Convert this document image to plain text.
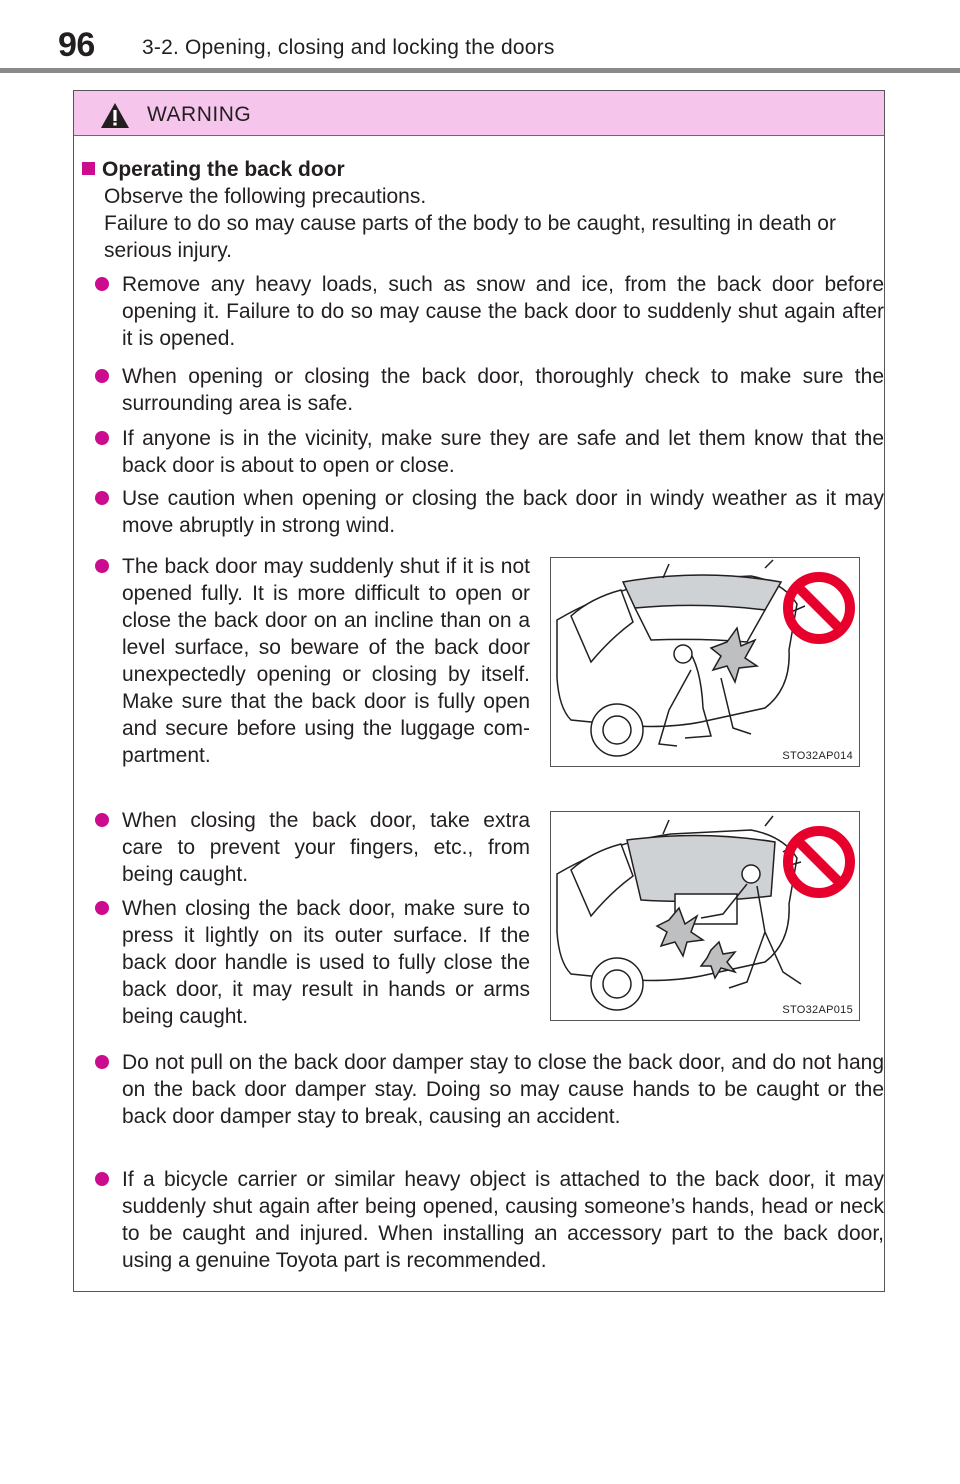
96 3-2. Opening, closing and locking the doors
WARNING
Operating the back door
Observe the following precautions.
Failure to do so may cause parts of the body to be caught, resulting in death or serious injury.
Remove any heavy loads, such as snow and ice, from the back door before opening it. Failure to do so may cause the back door to suddenly shut again after it is opened.
When opening or closing the back door, thoroughly check to make sure the surrounding area is safe.
If anyone is in the vicinity, make sure they are safe and let them know that the back door is about to open or close.
Use caution when opening or closing the back door in windy weather as it may move abruptly in strong wind.
The back door may suddenly shut if it is not opened fully. It is more difficult to open or close the back door on an incline than on a level surface, so beware of the back door unexpectedly opening or closing by itself. Make sure that the back door is fully open and secure before using the luggage com-partment.	STO32AP014
When closing the back door, take extra care to prevent your fingers, etc., from being caught.
When closing the back door, make sure to press it lightly on its outer surface. If the back door handle is used to fully close the back door, it may result in hands or arms being caught.	STO32AP015
Do not pull on the back door damper stay to close the back door, and do not hang on the back door damper stay. Doing so may cause hands to be caught or the back door damper stay to break, causing an accident.
If a bicycle carrier or similar heavy object is attached to the back door, it may suddenly shut again after being opened, causing someone’s hands, head or neck to be caught and injured. When installing an accessory part to the back door, using a genuine Toyota part is recommended.
